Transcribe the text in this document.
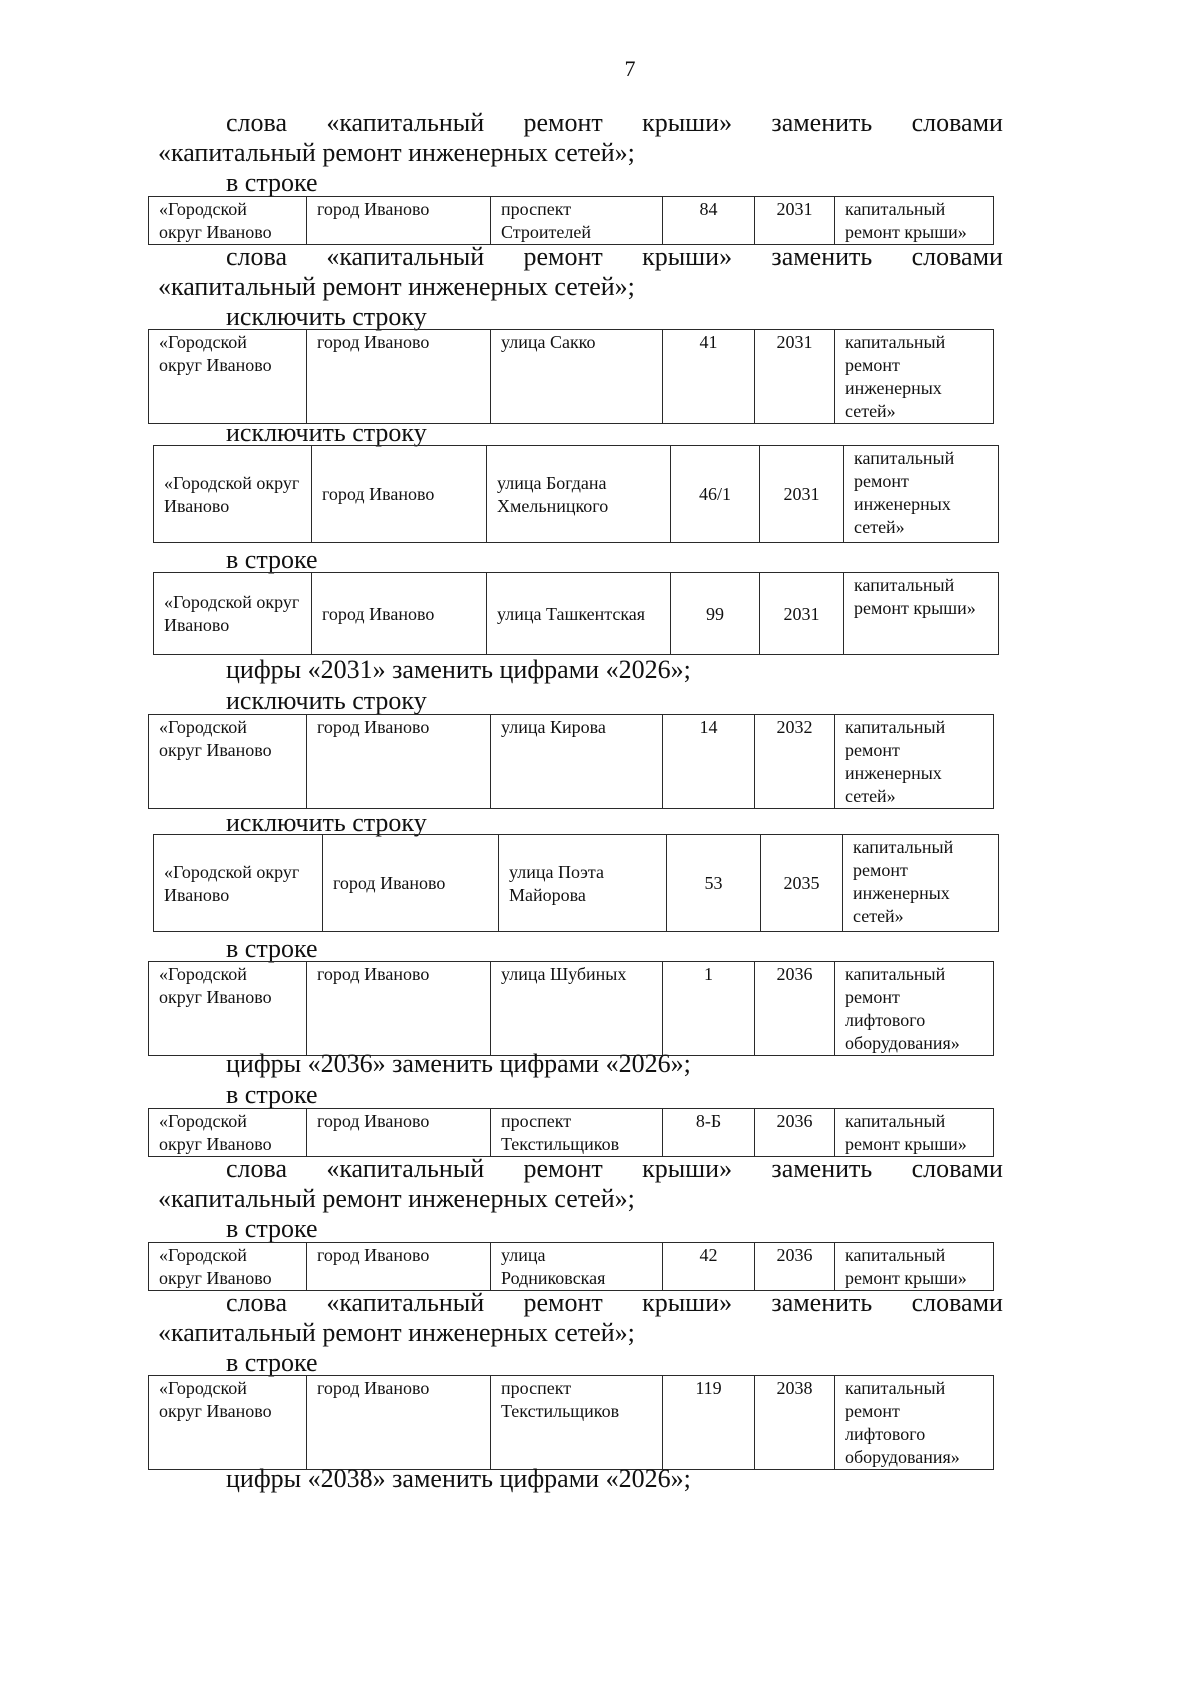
7
слова «капитальный ремонт крыши» заменить словами
«капитальный ремонт инженерных сетей»;
в строке
«Городской
округ Иваново	город Иваново	проспект
Строителей	84	2031	капитальный
ремонт крыши»
слова «капитальный ремонт крыши» заменить словами
«капитальный ремонт инженерных сетей»;
исключить строку
«Городской
округ Иваново	город Иваново	улица Сакко	41	2031	капитальный
ремонт
инженерных
сетей»
исключить строку
«Городской округ
Иваново	город Иваново	улица Богдана
Хмельницкого	46/1	2031	капитальный
ремонт
инженерных
сетей»
в строке
«Городской округ
Иваново	город Иваново	улица Ташкентская	99	2031	капитальный
ремонт крыши»
цифры «2031» заменить цифрами «2026»;
исключить строку
«Городской
округ Иваново	город Иваново	улица Кирова	14	2032	капитальный
ремонт
инженерных
сетей»
исключить строку
«Городской округ
Иваново	город Иваново	улица Поэта
Майорова	53	2035	капитальный
ремонт
инженерных
сетей»
в строке
«Городской
округ Иваново	город Иваново	улица Шубиных	1	2036	капитальный
ремонт
лифтового
оборудования»
цифры «2036» заменить цифрами «2026»;
в строке
«Городской
округ Иваново	город Иваново	проспект
Текстильщиков	8-Б	2036	капитальный
ремонт крыши»
слова «капитальный ремонт крыши» заменить словами
«капитальный ремонт инженерных сетей»;
в строке
«Городской
округ Иваново	город Иваново	улица
Родниковская	42	2036	капитальный
ремонт крыши»
слова «капитальный ремонт крыши» заменить словами
«капитальный ремонт инженерных сетей»;
в строке
«Городской
округ Иваново	город Иваново	проспект
Текстильщиков	119	2038	капитальный
ремонт
лифтового
оборудования»
цифры «2038» заменить цифрами «2026»;
